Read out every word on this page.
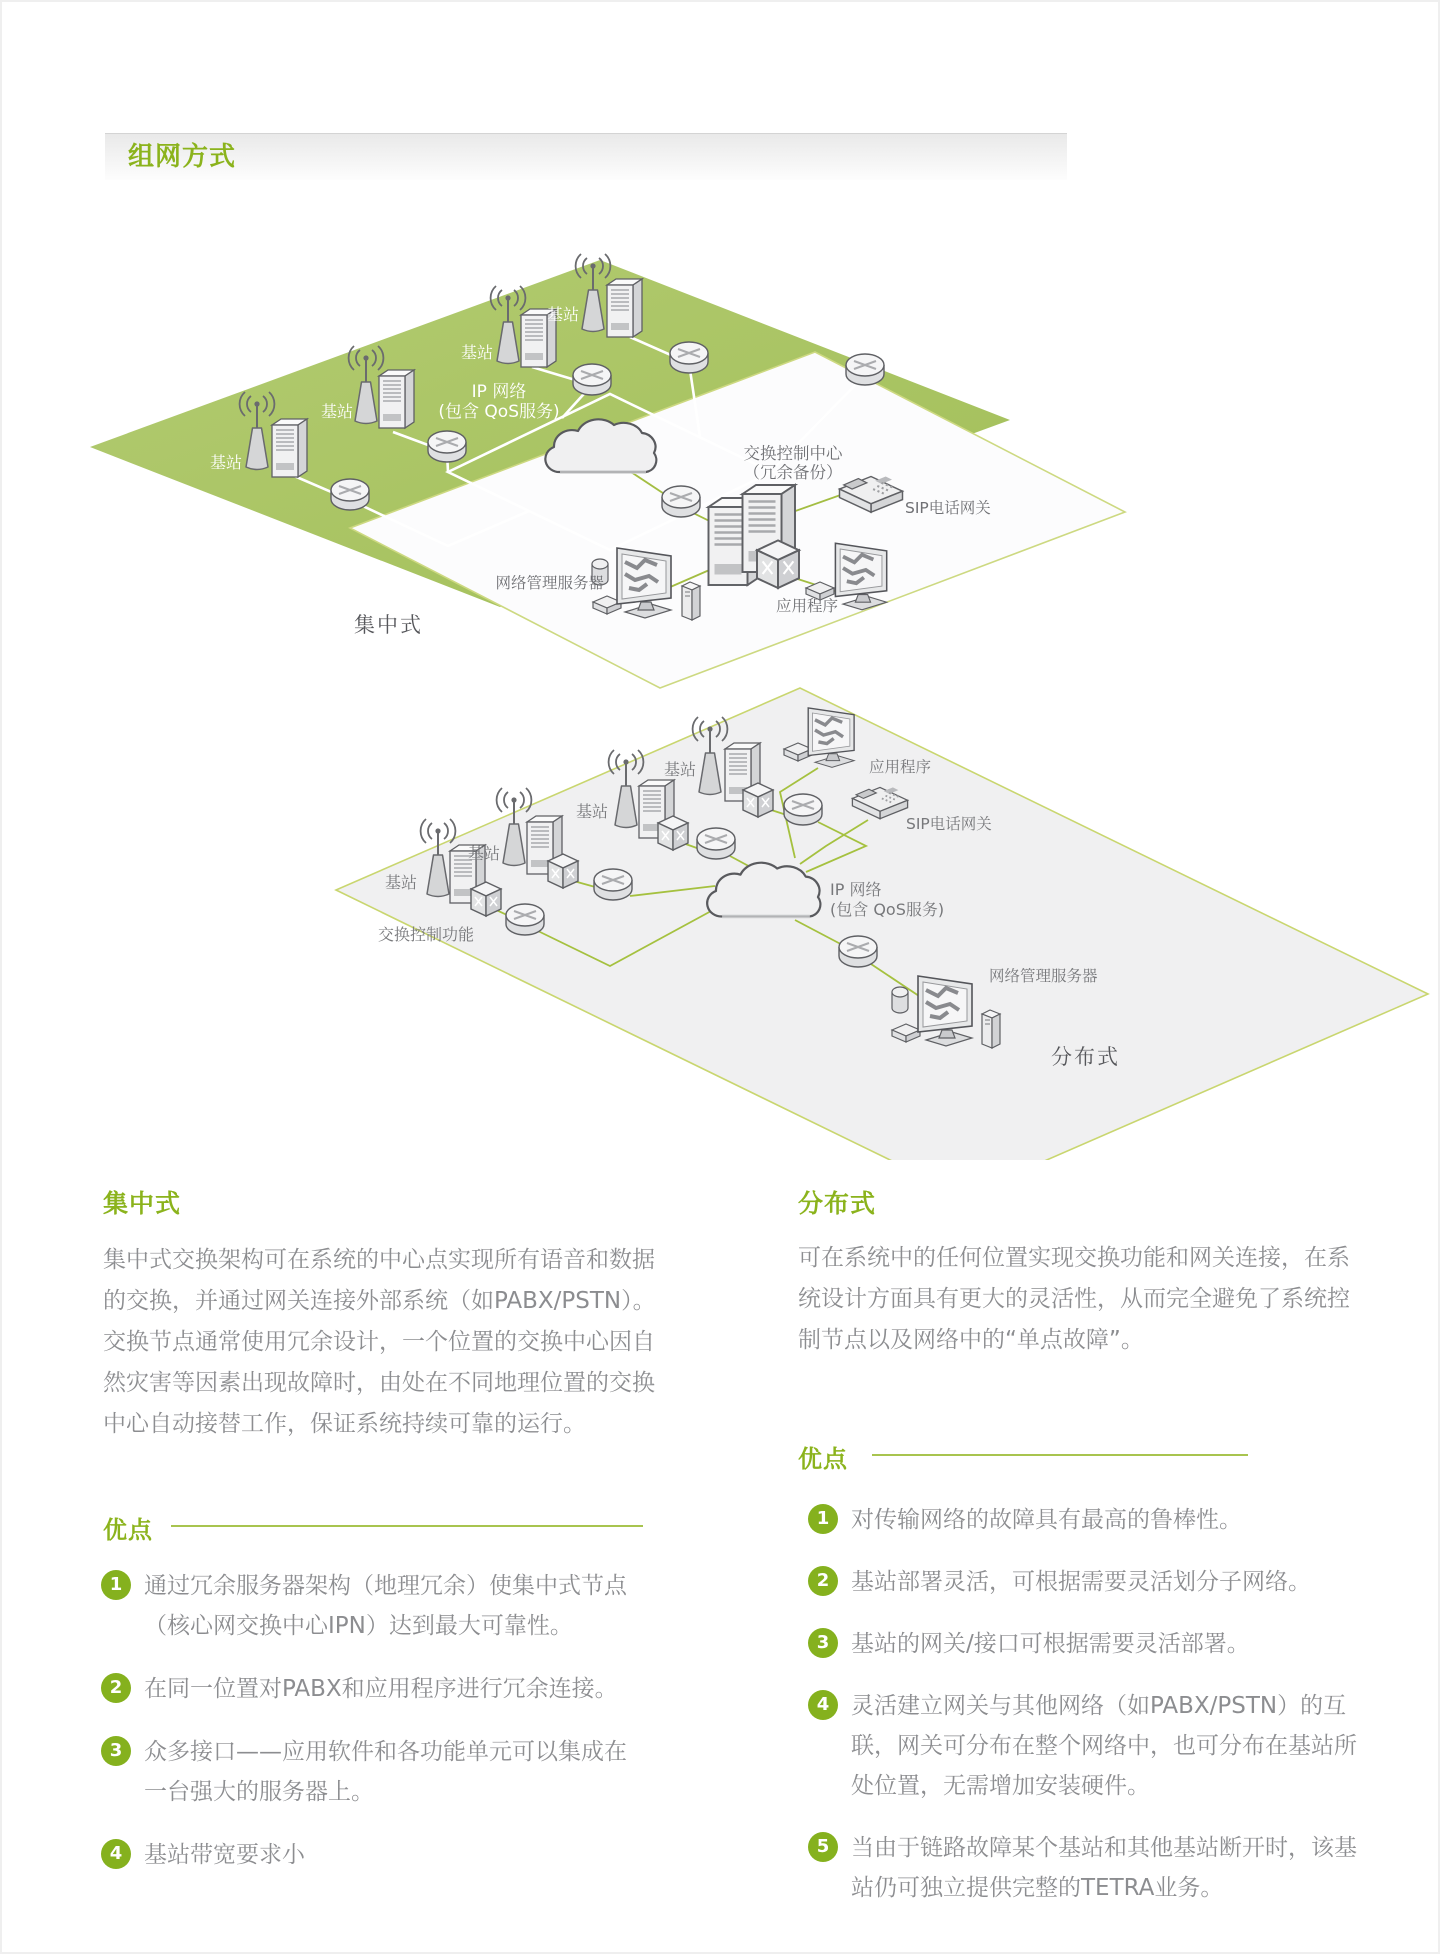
组网方式
基站
基站
基站
基站
IP 网络
(包含 QoS服务)
交换控制中心
（冗余备份）
SIP电话网关
网络管理服务器
应用程序
集中式
基站
基站
基站
基站
交换控制功能
IP 网络
(包含 QoS服务)
SIP电话网关
网络管理服务器
应用程序
分布式
集中式
集中式交换架构可在系统的中心点实现所有语音和数据的交换，并通过网关连接外部系统（如PABX/PSTN）。交换节点通常使用冗余设计，一个位置的交换中心因自然灾害等因素出现故障时，由处在不同地理位置的交换中心自动接替工作，保证系统持续可靠的运行。
分布式
可在系统中的任何位置实现交换功能和网关连接，在系统设计方面具有更大的灵活性，从而完全避免了系统控制节点以及网络中的“单点故障”。
优点
1 通过冗余服务器架构（地理冗余）使集中式节点（核心网交换中心IPN）达到最大可靠性。
2 在同一位置对PABX和应用程序进行冗余连接。
3 众多接口——应用软件和各功能单元可以集成在一台强大的服务器上。
4 基站带宽要求小
优点
1 对传输网络的故障具有最高的鲁棒性。
2 基站部署灵活，可根据需要灵活划分子网络。
3 基站的网关/接口可根据需要灵活部署。
4 灵活建立网关与其他网络（如PABX/PSTN）的互联，网关可分布在整个网络中，也可分布在基站所处位置，无需增加安装硬件。
5 当由于链路故障某个基站和其他基站断开时，该基站仍可独立提供完整的TETRA业务。
